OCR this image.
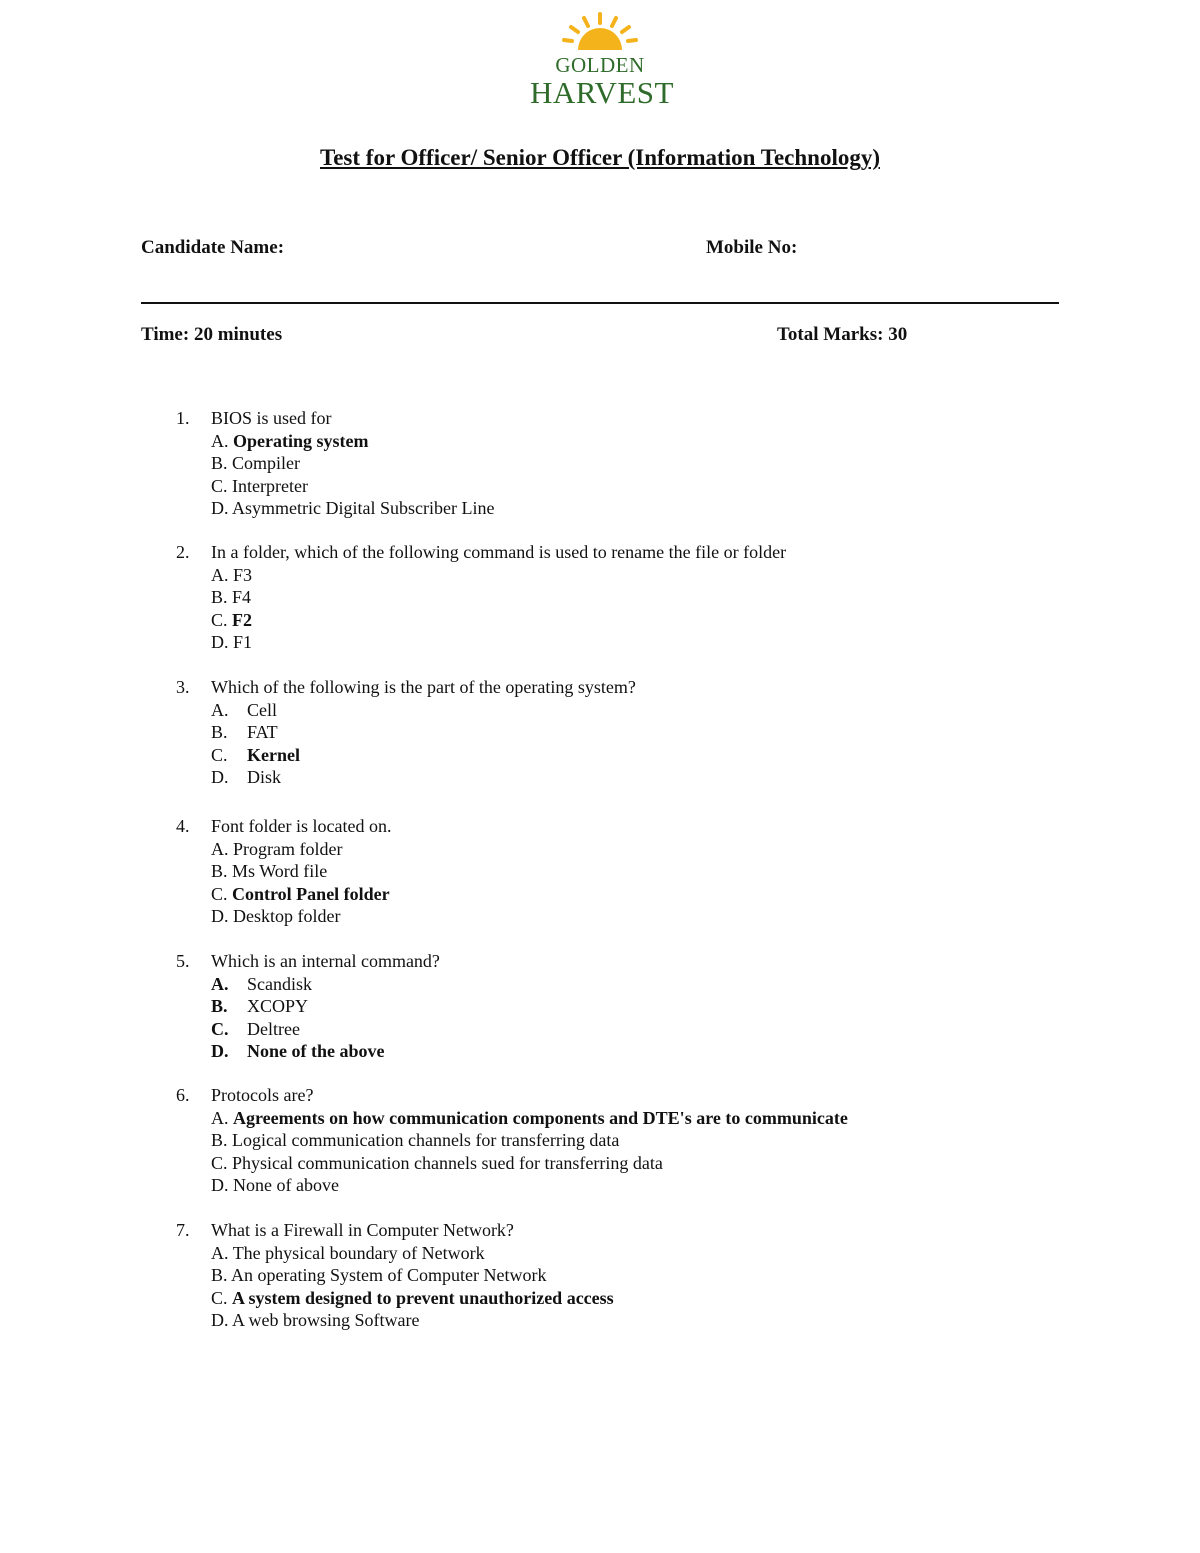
GOLDEN
HARVEST
Test for Officer/ Senior Officer (Information Technology)
Candidate Name:	Mobile No:
Time: 20 minutes	Total Marks: 30
1.	BIOS is used for
A. Operating system
B. Compiler
C. Interpreter
D. Asymmetric Digital Subscriber Line
2.	In a folder, which of the following command is used to rename the file or folder
A. F3
B. F4
C. F2
D. F1
3.	Which of the following is the part of the operating system?
A. Cell
B. FAT
C. Kernel
D. Disk
4.	Font folder is located on.
A. Program folder
B. Ms Word file
C. Control Panel folder
D. Desktop folder
5.	Which is an internal command?
A. Scandisk
B. XCOPY
C. Deltree
D. None of the above
6.	Protocols are?
A. Agreements on how communication components and DTE's are to communicate
B. Logical communication channels for transferring data
C. Physical communication channels sued for transferring data
D. None of above
7.	What is a Firewall in Computer Network?
A. The physical boundary of Network
B. An operating System of Computer Network
C. A system designed to prevent unauthorized access
D. A web browsing Software
